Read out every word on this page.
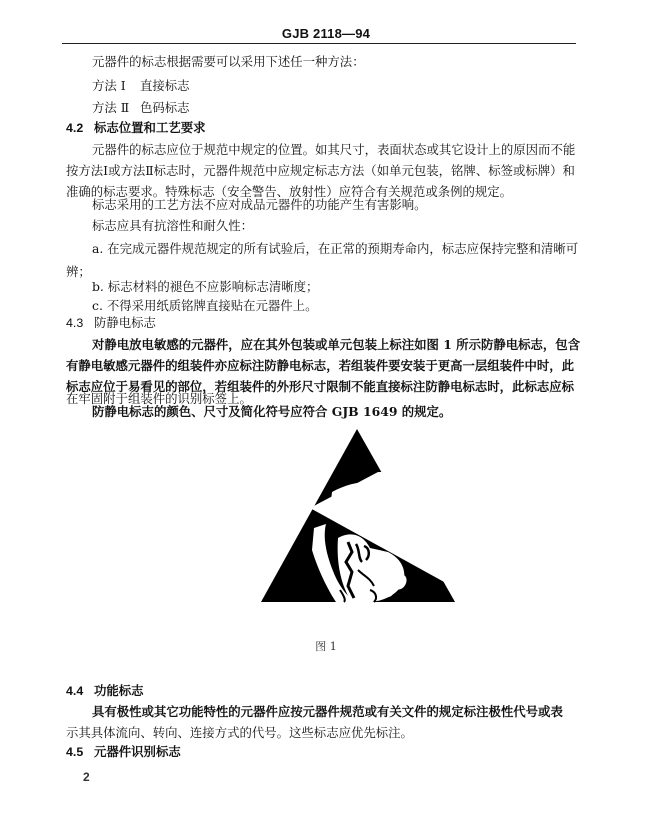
GJB 2118—94
元器件的标志根据需要可以采用下述任一种方法：
方法 Ⅰ 直接标志
方法 Ⅱ 色码标志
4.2 标志位置和工艺要求
元器件的标志应位于规范中规定的位置。如其尺寸，表面状态或其它设计上的原因而不能
按方法Ⅰ或方法Ⅱ标志时，元器件规范中应规定标志方法（如单元包装，铭牌、标签或标牌）和
准确的标志要求。特殊标志（安全警告、放射性）应符合有关规范或条例的规定。
标志采用的工艺方法不应对成品元器件的功能产生有害影响。
标志应具有抗溶性和耐久性：
a. 在完成元器件规范规定的所有试验后，在正常的预期寿命内，标志应保持完整和清晰可
辨；
b. 标志材料的褪色不应影响标志清晰度；
c. 不得采用纸质铭牌直接贴在元器件上。
4.3 防静电标志
对静电放电敏感的元器件，应在其外包装或单元包装上标注如图 1 所示防静电标志，包含
有静电敏感元器件的组装件亦应标注防静电标志，若组装件要安装于更高一层组装件中时，此
标志应位于易看见的部位，若组装件的外形尺寸限制不能直接标注防静电标志时，此标志应标
在牢固附于组装件的识别标签上。
防静电标志的颜色、尺寸及简化符号应符合 GJB 1649 的规定。
图 1
4.4 功能标志
具有极性或其它功能特性的元器件应按元器件规范或有关文件的规定标注极性代号或表
示其具体流向、转向、连接方式的代号。这些标志应优先标注。
4.5 元器件识别标志
2
